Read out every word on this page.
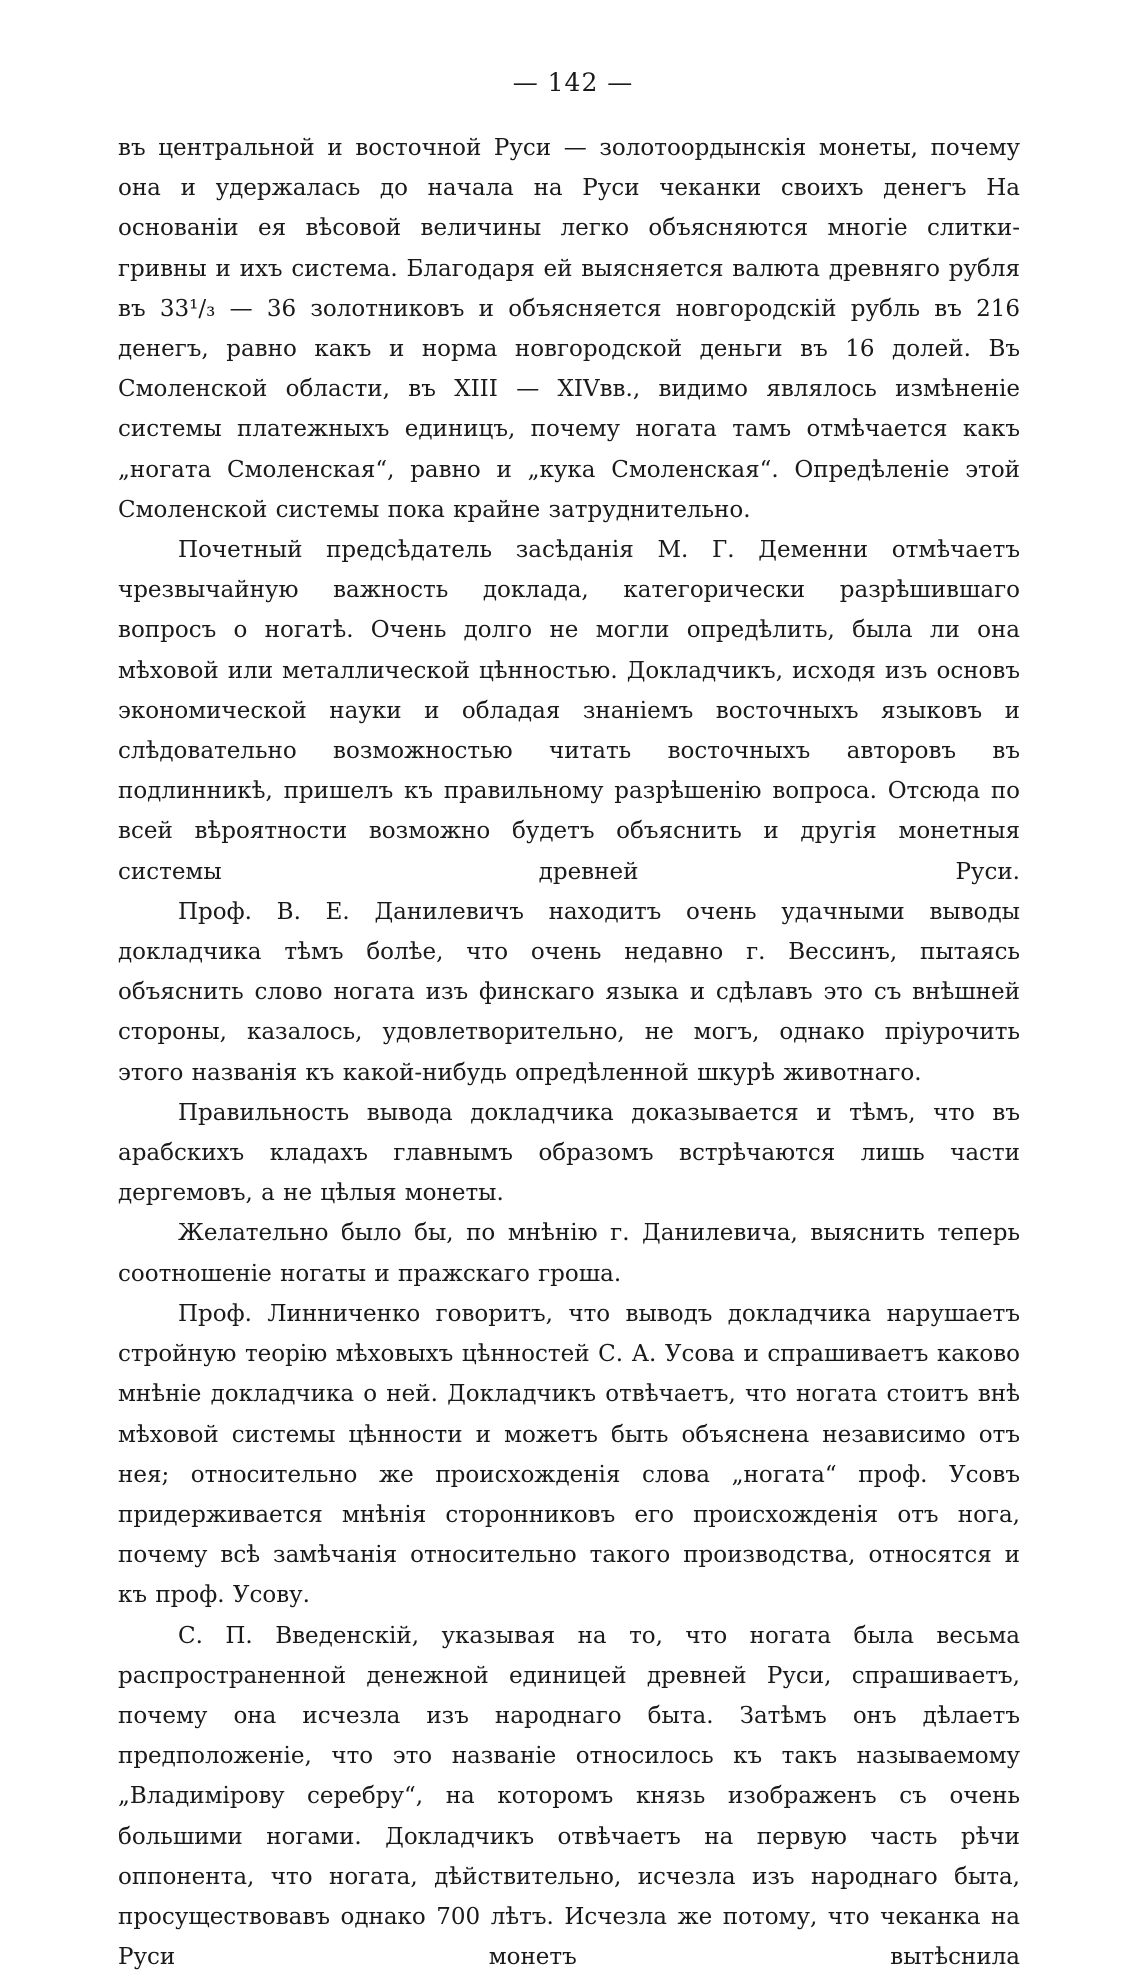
— 142 —

въ центральной и восточной Руси — золотоордынскія монеты, почему она и удержалась до начала на Руси чеканки своихъ денегъ На основаніи ея вѣсовой величины легко объясняются многіе слитки-гривны и ихъ система. Благодаря ей выясняется валюта древняго рубля въ 33¹/₃ — 36 золотниковъ и объясняется новгородскій рубль въ 216 денегъ, равно какъ и норма новгородской деньги въ 16 долей. Въ Смоленской области, въ XIII — XIVвв., видимо являлось измѣненіе системы платежныхъ единицъ, почему ногата тамъ отмѣчается какъ „ногата Смоленская“, равно и „кука Смоленская“. Опредѣленіе этой Смоленской системы пока крайне затруднительно.

Почетный предсѣдатель засѣданія М. Г. Деменни отмѣчаетъ чрезвычайную важность доклада, категорически разрѣшившаго вопросъ о ногатѣ. Очень долго не могли опредѣлить, была ли она мѣховой или металлической цѣнностью. Докладчикъ, исходя изъ основъ экономической науки и обладая знаніемъ восточныхъ языковъ и слѣдовательно возможностью читать восточныхъ авторовъ въ подлинникѣ, пришелъ къ правильному разрѣшенію вопроса. Отсюда по всей вѣроятности возможно будетъ объяснить и другія монетныя системы древней Руси.

Проф. В. Е. Данилевичъ находитъ очень удачными выводы докладчика тѣмъ болѣе, что очень недавно г. Вессинъ, пытаясь объяснить слово ногата изъ финскаго языка и сдѣлавъ это съ внѣшней стороны, казалось, удовлетворительно, не могъ, однако пріурочить этого названія къ какой-нибудь опредѣленной шкурѣ животнаго.

Правильность вывода докладчика доказывается и тѣмъ, что въ арабскихъ кладахъ главнымъ образомъ встрѣчаются лишь части дергемовъ, а не цѣлыя монеты.

Желательно было бы, по мнѣнію г. Данилевича, выяснить теперь соотношеніе ногаты и пражскаго гроша.

Проф. Линниченко говоритъ, что выводъ докладчика нарушаетъ стройную теорію мѣховыхъ цѣнностей С. А. Усова и спрашиваетъ каково мнѣніе докладчика о ней. Докладчикъ отвѣчаетъ, что ногата стоитъ внѣ мѣховой системы цѣнности и можетъ быть объяснена независимо отъ нея; относительно же происхожденія слова „ногата“ проф. Усовъ придерживается мнѣнія сторонниковъ его происхожденія отъ нога, почему всѣ замѣчанія относительно такого производства, относятся и къ проф. Усову.

С. П. Введенскій, указывая на то, что ногата была весьма распространенной денежной единицей древней Руси, спрашиваетъ, почему она исчезла изъ народнаго быта. Затѣмъ онъ дѣлаетъ предположеніе, что это названіе относилось къ такъ называемому „Владиміровy серебру“, на которомъ князь изображенъ съ очень большими ногами. Докладчикъ отвѣчаетъ на первую часть рѣчи оппонента, что ногата, дѣйствительно, исчезла изъ народнаго быта, просуществовавъ однако 700 лѣтъ. Исчезла же потому, что чеканка на Руси монетъ вытѣснила
